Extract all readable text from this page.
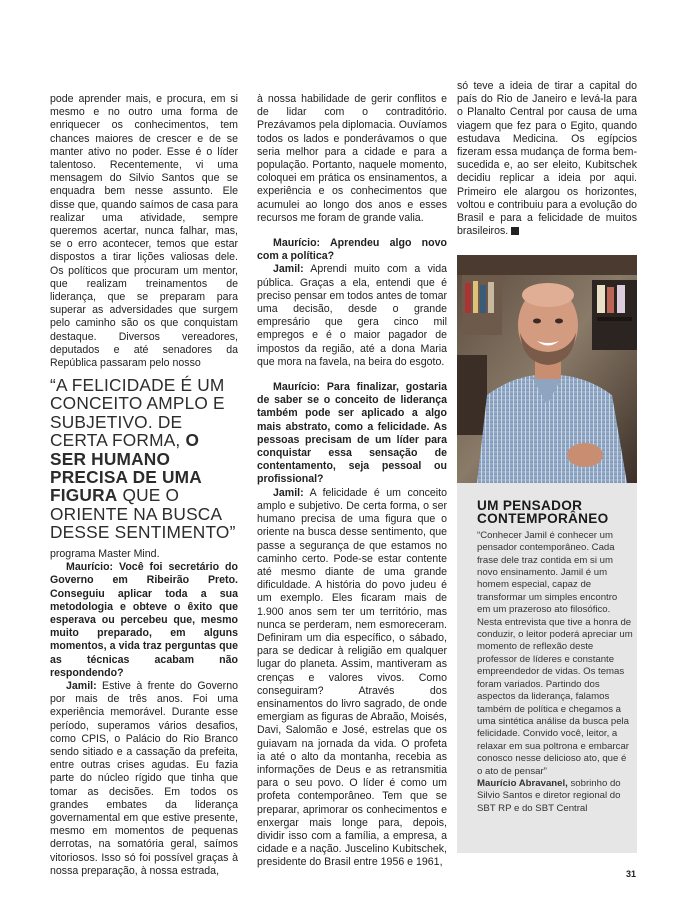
pode aprender mais, e procura, em si mesmo e no outro uma forma de enriquecer os conhecimentos, tem chances maiores de crescer e de se manter ativo no poder. Esse é o líder talentoso. Recentemente, vi uma mensagem do Silvio Santos que se enquadra bem nesse assunto. Ele disse que, quando saímos de casa para realizar uma atividade, sempre queremos acertar, nunca falhar, mas, se o erro acontecer, temos que estar dispostos a tirar lições valiosas dele. Os políticos que procuram um mentor, que realizam treinamentos de liderança, que se preparam para superar as adversidades que surgem pelo caminho são os que conquistam destaque. Diversos vereadores, deputados e até senadores da República passaram pelo nosso

“A FELICIDADE É UM CONCEITO AMPLO E SUBJETIVO. DE CERTA FORMA, O SER HUMANO PRECISA DE UMA FIGURA QUE O ORIENTE NA BUSCA DESSE SENTIMENTO”

programa Master Mind.

Maurício: Você foi secretário do Governo em Ribeirão Preto. Conseguiu aplicar toda a sua metodologia e obteve o êxito que esperava ou percebeu que, mesmo muito preparado, em alguns momentos, a vida traz perguntas que as técnicas acabam não respondendo?

Jamil: Estive à frente do Governo por mais de três anos. Foi uma experiência memorável. Durante esse período, superamos vários desafios, como CPIS, o Palácio do Rio Branco sendo sitiado e a cassação da prefeita, entre outras crises agudas. Eu fazia parte do núcleo rígido que tinha que tomar as decisões. Em todos os grandes embates da liderança governamental em que estive presente, mesmo em momentos de pequenas derrotas, na somatória geral, saímos vitoriosos. Isso só foi possível graças à nossa preparação, à nossa estrada,

à nossa habilidade de gerir conflitos e de lidar com o contraditório. Prezávamos pela diplomacia. Ouvíamos todos os lados e ponderávamos o que seria melhor para a cidade e para a população. Portanto, naquele momento, coloquei em prática os ensinamentos, a experiência e os conhecimentos que acumulei ao longo dos anos e esses recursos me foram de grande valia.

Maurício: Aprendeu algo novo com a política?

Jamil: Aprendi muito com a vida pública. Graças a ela, entendi que é preciso pensar em todos antes de tomar uma decisão, desde o grande empresário que gera cinco mil empregos e é o maior pagador de impostos da região, até a dona Maria que mora na favela, na beira do esgoto.

Maurício: Para finalizar, gostaria de saber se o conceito de liderança também pode ser aplicado a algo mais abstrato, como a felicidade. As pessoas precisam de um líder para conquistar essa sensação de contentamento, seja pessoal ou profissional?

Jamil: A felicidade é um conceito amplo e subjetivo. De certa forma, o ser humano precisa de uma figura que o oriente na busca desse sentimento, que passe a segurança de que estamos no caminho certo. Pode-se estar contente até mesmo diante de uma grande dificuldade. A história do povo judeu é um exemplo. Eles ficaram mais de 1.900 anos sem ter um território, mas nunca se perderam, nem esmoreceram. Definiram um dia específico, o sábado, para se dedicar à religião em qualquer lugar do planeta. Assim, mantiveram as crenças e valores vivos. Como conseguiram? Através dos ensinamentos do livro sagrado, de onde emergiam as figuras de Abraão, Moisés, Davi, Salomão e José, estrelas que os guiavam na jornada da vida. O profeta ia até o alto da montanha, recebia as informações de Deus e as retransmitia para o seu povo. O líder é como um profeta contemporâneo. Tem que se preparar, aprimorar os conhecimentos e enxergar mais longe para, depois, dividir isso com a família, a empresa, a cidade e a nação. Juscelino Kubitschek, presidente do Brasil entre 1956 e 1961,

só teve a ideia de tirar a capital do país do Rio de Janeiro e levá-la para o Planalto Central por causa de uma viagem que fez para o Egito, quando estudava Medicina. Os egípcios fizeram essa mudança de forma bem-sucedida e, ao ser eleito, Kubitschek decidiu replicar a ideia por aqui. Primeiro ele alargou os horizontes, voltou e contribuiu para a evolução do Brasil e para a felicidade de muitos brasileiros.

UM PENSADOR CONTEMPORÂNEO

“Conhecer Jamil é conhecer um pensador contemporâneo. Cada frase dele traz contida em si um novo ensinamento. Jamil é um homem especial, capaz de transformar um simples encontro em um prazeroso ato filosófico. Nesta entrevista que tive a honra de conduzir, o leitor poderá apreciar um momento de reflexão deste professor de líderes e constante empreendedor de vidas. Os temas foram variados. Partindo dos aspectos da liderança, falamos também de política e chegamos a uma sintética análise da busca pela felicidade. Convido você, leitor, a relaxar em sua poltrona e embarcar conosco nesse delicioso ato, que é o ato de pensar”

Maurício Abravanel, sobrinho do Silvio Santos e diretor regional do SBT RP e do SBT Central

31
